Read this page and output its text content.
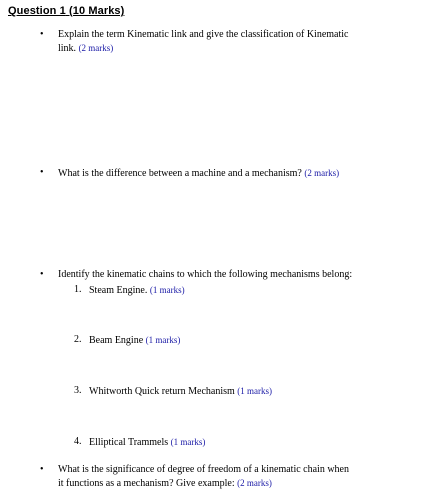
Question 1 (10 Marks)
•	Explain the term Kinematic link and give the classification of Kinematic
link. (2 marks)
•	What is the difference between a machine and a mechanism? (2 marks)
•	Identify the kinematic chains to which the following mechanisms belong:
1. Steam Engine. (1 marks)
2. Beam Engine (1 marks)
3. Whitworth Quick return Mechanism (1 marks)
4. Elliptical Trammels (1 marks)
•	What is the significance of degree of freedom of a kinematic chain when
it functions as a mechanism? Give example: (2 marks)
